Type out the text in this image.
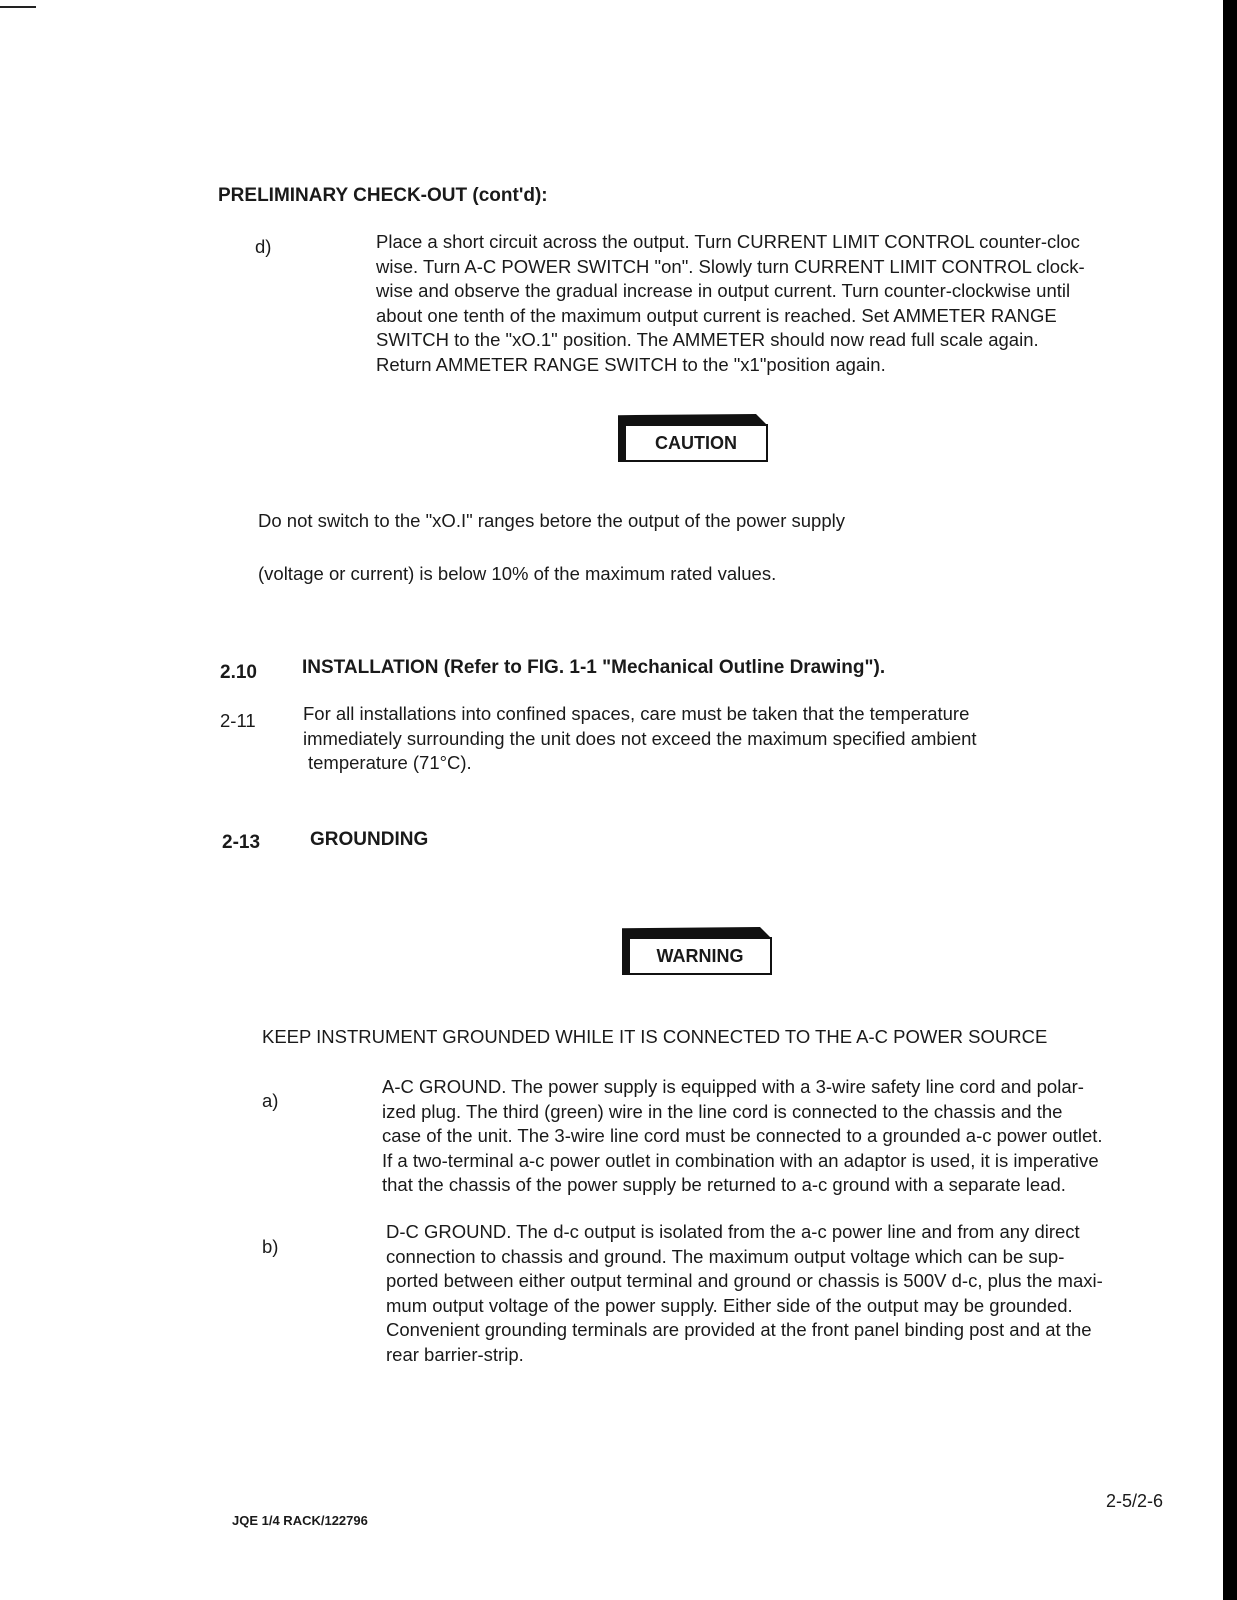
PRELIMINARY CHECK-OUT (cont'd):
d)	Place a short circuit across the output. Turn CURRENT LIMIT CONTROL counter-cloc
wise. Turn A-C POWER SWITCH "on". Slowly turn CURRENT LIMIT CONTROL clock-
wise and observe the gradual increase in output current. Turn counter-clockwise until
about one tenth of the maximum output current is reached. Set AMMETER RANGE
SWITCH to the "xO.1" position. The AMMETER should now read full scale again.
Return AMMETER RANGE SWITCH to the "x1"position again.
CAUTION
Do not switch to the "xO.I" ranges betore the output of the power supply
(voltage or current) is below 10% of the maximum rated values.
2.10 INSTALLATION (Refer to FIG. 1-1 "Mechanical Outline Drawing").
2-11	For all installations into confined spaces, care must be taken that the temperature
immediately surrounding the unit does not exceed the maximum specified ambient
temperature (71°C).
2-13	GROUNDING
WARNING
KEEP INSTRUMENT GROUNDED WHILE IT IS CONNECTED TO THE A-C POWER SOURCE
a)
A-C GROUND. The power supply is equipped with a 3-wire safety line cord and polar-
ized plug. The third (green) wire in the line cord is connected to the chassis and the
case of the unit. The 3-wire line cord must be connected to a grounded a-c power outlet.
If a two-terminal a-c power outlet in combination with an adaptor is used, it is imperative
that the chassis of the power supply be returned to a-c ground with a separate lead.
b)
D-C GROUND. The d-c output is isolated from the a-c power line and from any direct
connection to chassis and ground. The maximum output voltage which can be sup-
ported between either output terminal and ground or chassis is 500V d-c, plus the maxi-
mum output voltage of the power supply. Either side of the output may be grounded.
Convenient grounding terminals are provided at the front panel binding post and at the
rear barrier-strip.
2-5/2-6
JQE 1/4 RACK/122796
